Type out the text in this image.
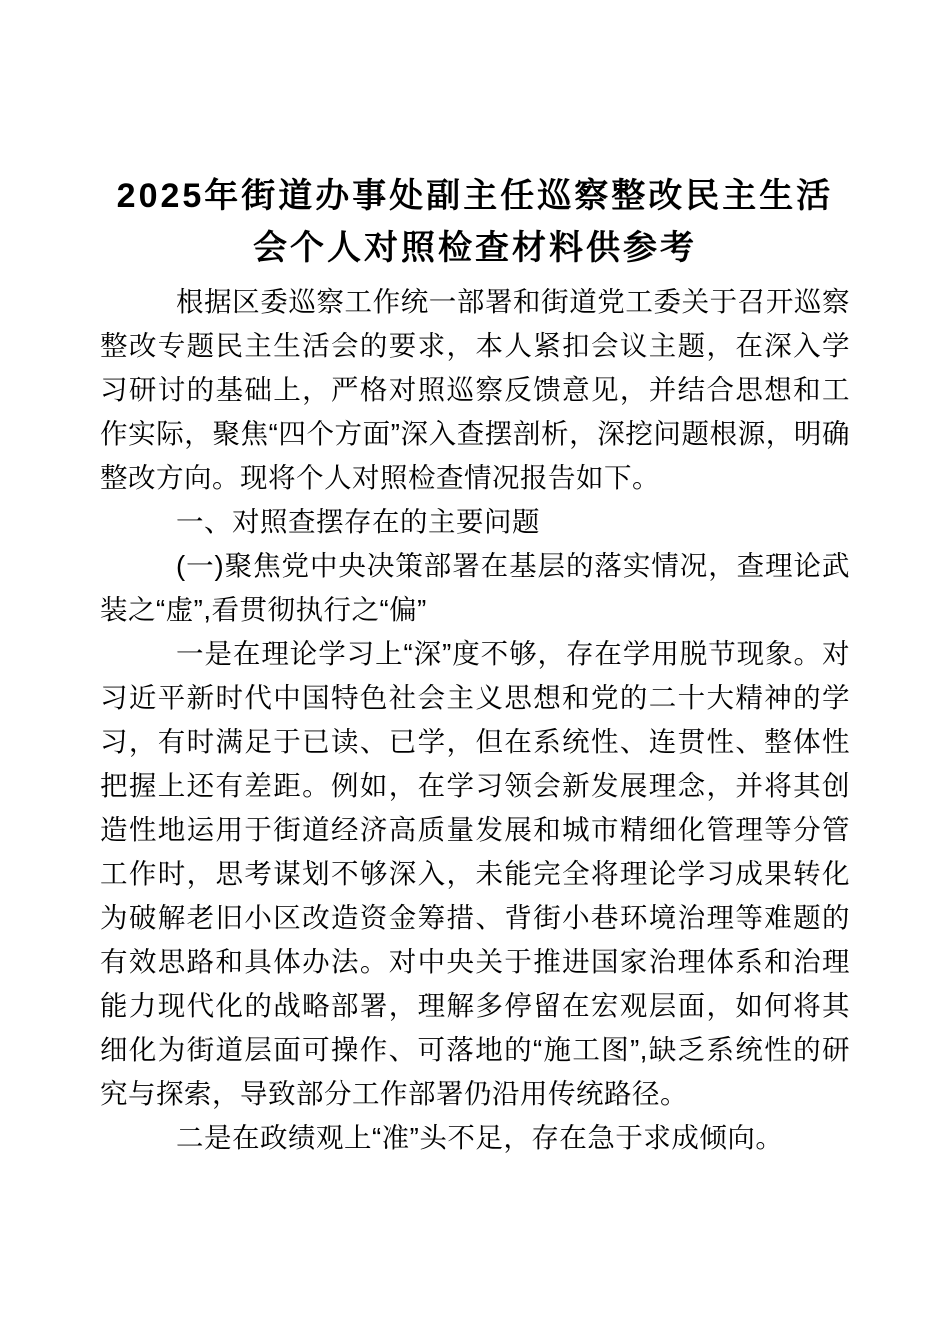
2025年街道办事处副主任巡察整改民主生活会个人对照检查材料供参考

根据区委巡察工作统一部署和街道党工委关于召开巡察整改专题民主生活会的要求，本人紧扣会议主题，在深入学习研讨的基础上，严格对照巡察反馈意见，并结合思想和工作实际，聚焦“四个方面”深入查摆剖析，深挖问题根源，明确整改方向。现将个人对照检查情况报告如下。

一、对照查摆存在的主要问题

(一)聚焦党中央决策部署在基层的落实情况，查理论武装之“虚”,看贯彻执行之“偏”

一是在理论学习上“深”度不够，存在学用脱节现象。对习近平新时代中国特色社会主义思想和党的二十大精神的学习，有时满足于已读、已学，但在系统性、连贯性、整体性把握上还有差距。例如，在学习领会新发展理念，并将其创造性地运用于街道经济高质量发展和城市精细化管理等分管工作时，思考谋划不够深入，未能完全将理论学习成果转化为破解老旧小区改造资金筹措、背街小巷环境治理等难题的有效思路和具体办法。对中央关于推进国家治理体系和治理能力现代化的战略部署，理解多停留在宏观层面，如何将其细化为街道层面可操作、可落地的“施工图”,缺乏系统性的研究与探索，导致部分工作部署仍沿用传统路径。

二是在政绩观上“准”头不足，存在急于求成倾向。
